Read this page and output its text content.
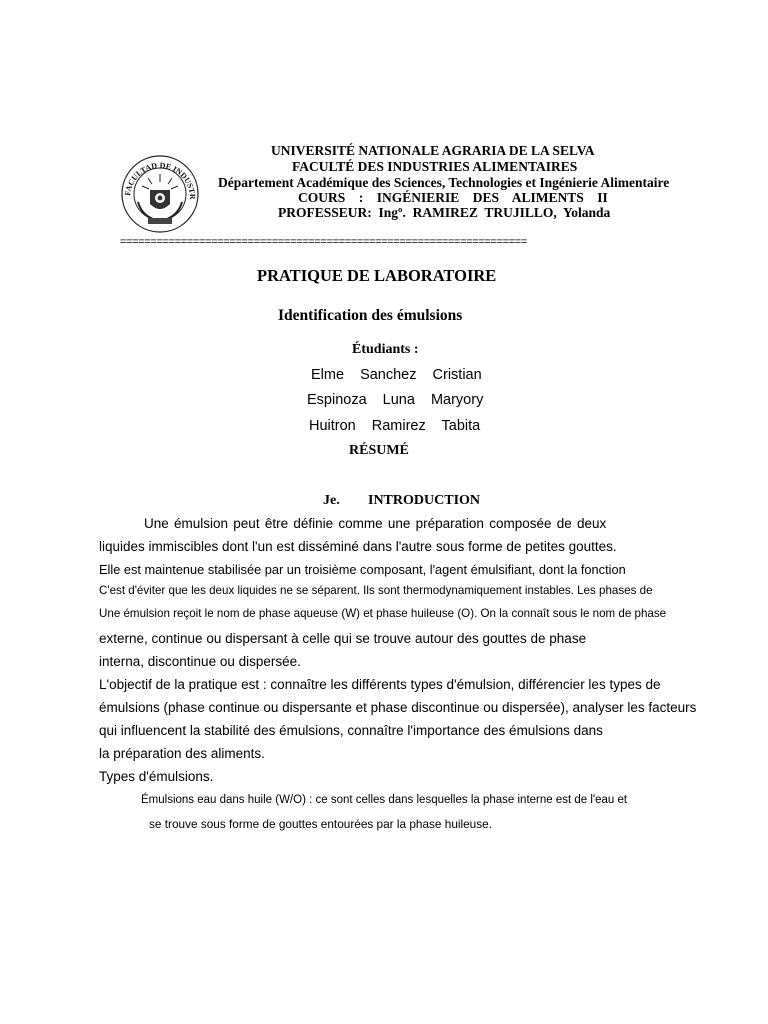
FACULTAD DE INDUSTR
UNIVERSITÉ NATIONALE AGRARIA DE LA SELVA
FACULTÉ DES INDUSTRIES ALIMENTAIRES
Département Académique des Sciences, Technologies et Ingénierie Alimentaire
COURS    :    INGÉNIERIE    DES    ALIMENTS    II
PROFESSEUR:  Ingº.  RAMIREZ  TRUJILLO,  Yolanda
===================================================================
PRATIQUE DE LABORATOIRE
Identification des émulsions
Étudiants :
Elme Sanchez Cristian
Espinoza Luna Maryory
Huitron Ramirez Tabita
RÉSUMÉ
Je. INTRODUCTION
Une émulsion peut être définie comme une préparation composée de deux
liquides immiscibles dont l'un est disséminé dans l'autre sous forme de petites gouttes.
Elle est maintenue stabilisée par un troisième composant, l'agent émulsifiant, dont la fonction
C'est d'éviter que les deux liquides ne se séparent. Ils sont thermodynamiquement instables. Les phases de
Une émulsion reçoit le nom de phase aqueuse (W) et phase huileuse (O). On la connaît sous le nom de phase
externe, continue ou dispersant à celle qui se trouve autour des gouttes de phase
interna, discontinue ou dispersée.
L'objectif de la pratique est : connaître les différents types d'émulsion, différencier les types de
émulsions (phase continue ou dispersante et phase discontinue ou dispersée), analyser les facteurs
qui influencent la stabilité des émulsions, connaître l'importance des émulsions dans
la préparation des aliments.
Types d'émulsions.
Émulsions eau dans huile (W/O) : ce sont celles dans lesquelles la phase interne est de l'eau et
se trouve sous forme de gouttes entourées par la phase huileuse.
